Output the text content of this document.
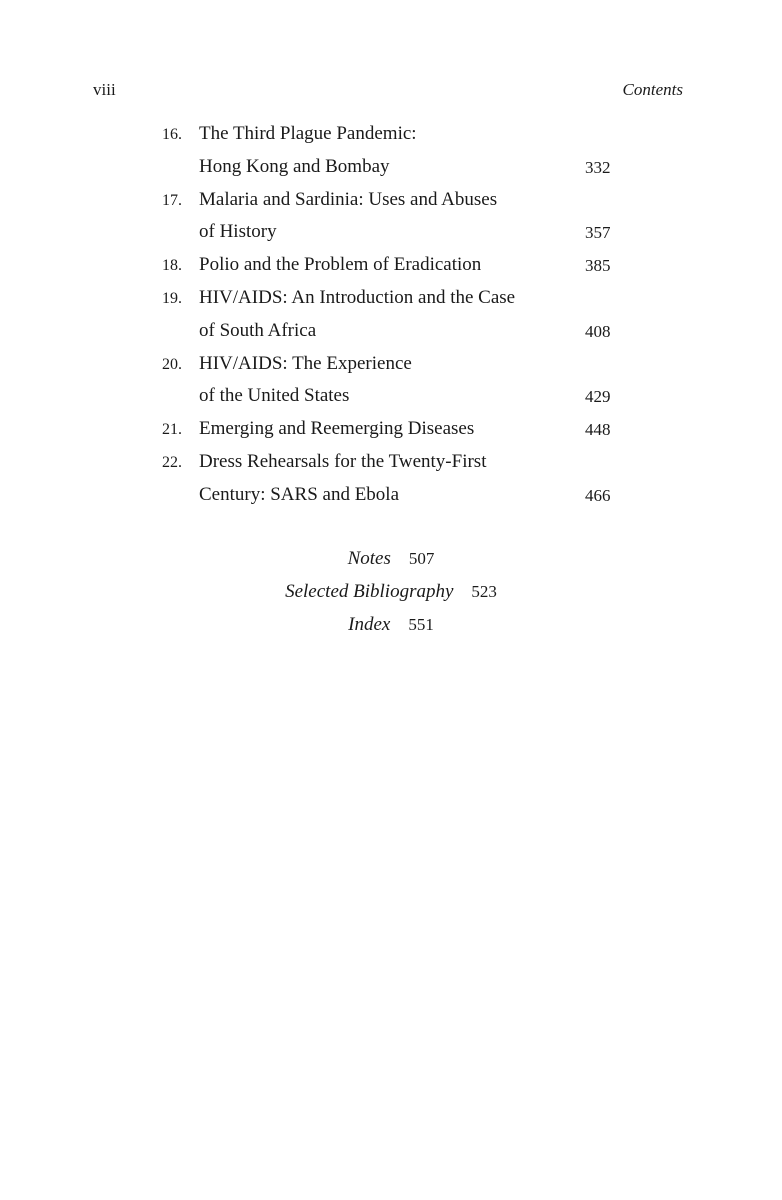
viii	Contents
16. The Third Plague Pandemic:
Hong Kong and Bombay	332
17. Malaria and Sardinia: Uses and Abuses
of History	357
18. Polio and the Problem of Eradication	385
19. HIV/AIDS: An Introduction and the Case
of South Africa	408
20. HIV/AIDS: The Experience
of the United States	429
21. Emerging and Reemerging Diseases	448
22. Dress Rehearsals for the Twenty-First
Century: SARS and Ebola	466
Notes 507
Selected Bibliography 523
Index 551
